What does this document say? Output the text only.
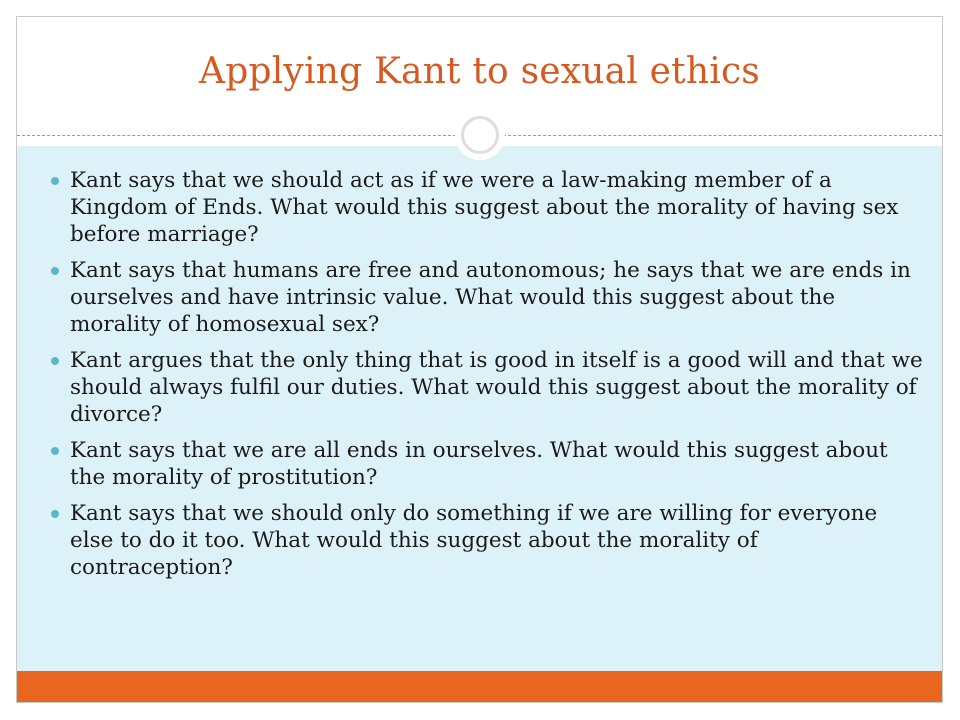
Applying Kant to sexual ethics
Kant says that we should act as if we were a law-making member of a Kingdom of Ends. What would this suggest about the morality of having sex before marriage?
Kant says that humans are free and autonomous; he says that we are ends in ourselves and have intrinsic value. What would this suggest about the morality of homosexual sex?
Kant argues that the only thing that is good in itself is a good will and that we should always fulfil our duties. What would this suggest about the morality of divorce?
Kant says that we are all ends in ourselves. What would this suggest about the morality of prostitution?
Kant says that we should only do something if we are willing for everyone else to do it too. What would this suggest about the morality of contraception?
